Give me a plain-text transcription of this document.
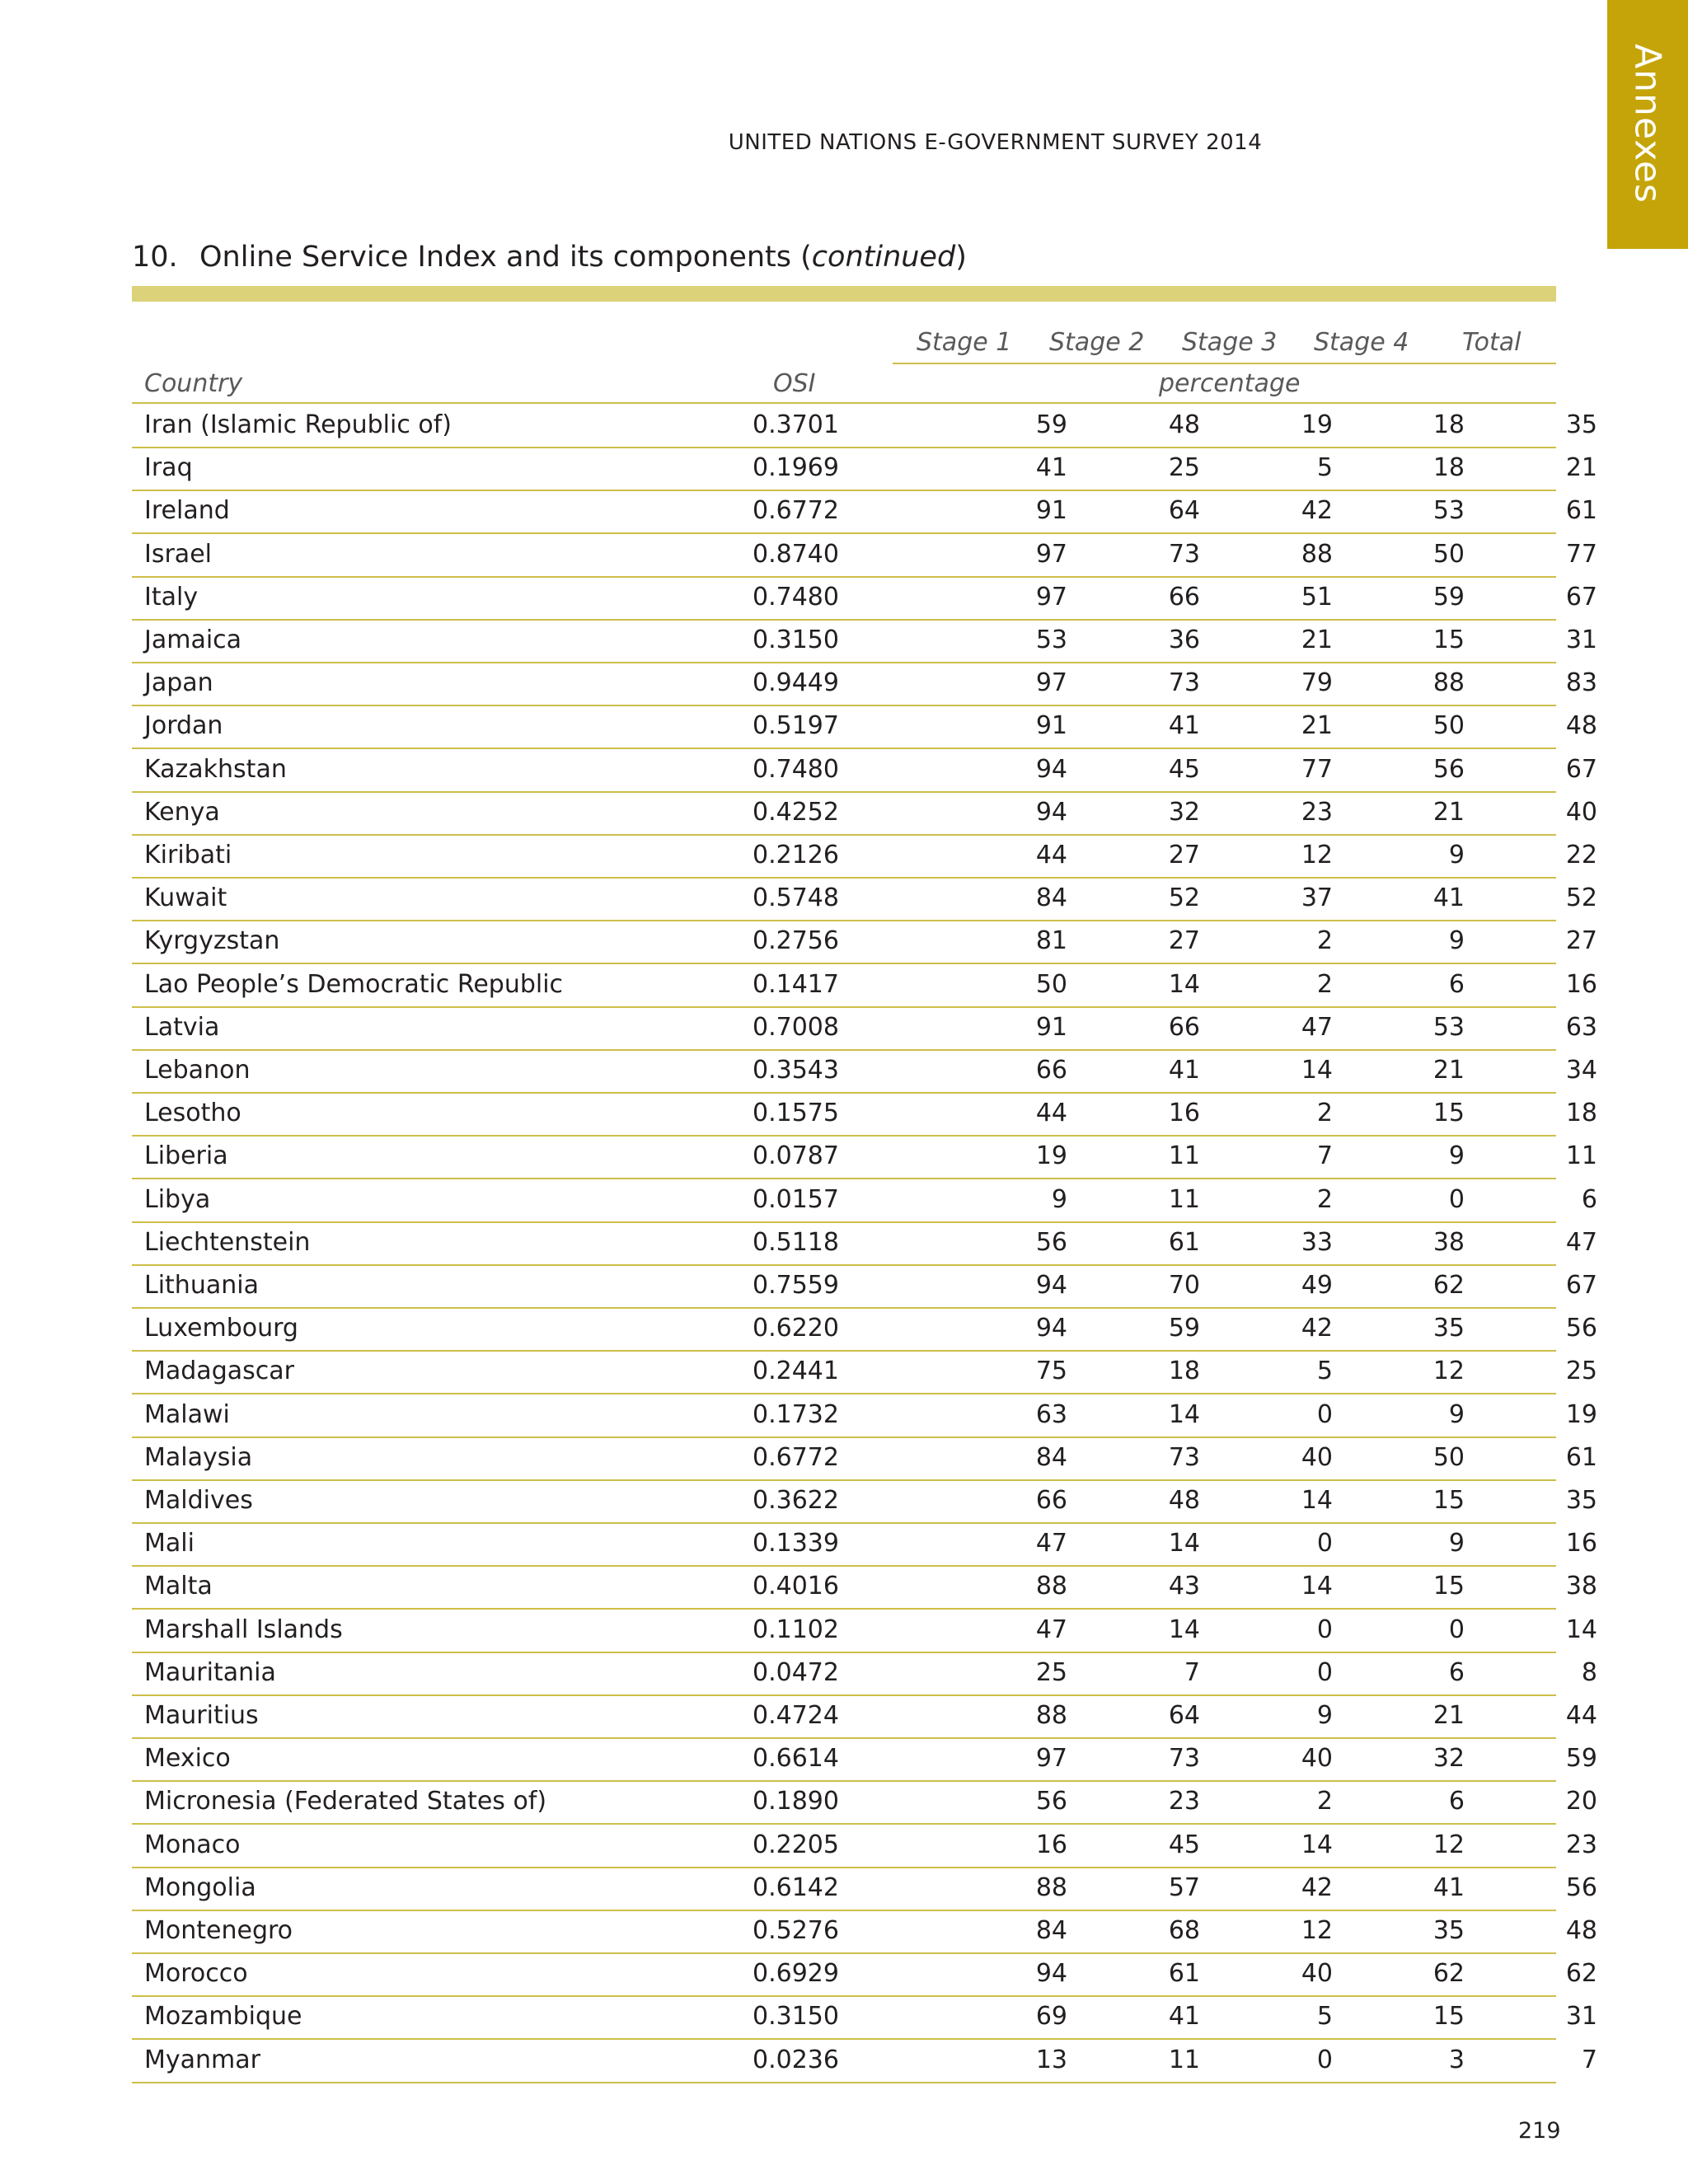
Annexes
UNITED NATIONS E-GOVERNMENT SURVEY 2014
10. Online Service Index and its components (continued)
Stage 1 Stage 2 Stage 3 Stage 4 Total
Country	OSI	percentage
Iran (Islamic Republic of)	0.3701	59	48	19	18	35
Iraq	0.1969	41	25	5	18	21
Ireland	0.6772	91	64	42	53	61
Israel	0.8740	97	73	88	50	77
Italy	0.7480	97	66	51	59	67
Jamaica	0.3150	53	36	21	15	31
Japan	0.9449	97	73	79	88	83
Jordan	0.5197	91	41	21	50	48
Kazakhstan	0.7480	94	45	77	56	67
Kenya	0.4252	94	32	23	21	40
Kiribati	0.2126	44	27	12	9	22
Kuwait	0.5748	84	52	37	41	52
Kyrgyzstan	0.2756	81	27	2	9	27
Lao People’s Democratic Republic	0.1417	50	14	2	6	16
Latvia	0.7008	91	66	47	53	63
Lebanon	0.3543	66	41	14	21	34
Lesotho	0.1575	44	16	2	15	18
Liberia	0.0787	19	11	7	9	11
Libya	0.0157	9	11	2	0	6
Liechtenstein	0.5118	56	61	33	38	47
Lithuania	0.7559	94	70	49	62	67
Luxembourg	0.6220	94	59	42	35	56
Madagascar	0.2441	75	18	5	12	25
Malawi	0.1732	63	14	0	9	19
Malaysia	0.6772	84	73	40	50	61
Maldives	0.3622	66	48	14	15	35
Mali	0.1339	47	14	0	9	16
Malta	0.4016	88	43	14	15	38
Marshall Islands	0.1102	47	14	0	0	14
Mauritania	0.0472	25	7	0	6	8
Mauritius	0.4724	88	64	9	21	44
Mexico	0.6614	97	73	40	32	59
Micronesia (Federated States of)	0.1890	56	23	2	6	20
Monaco	0.2205	16	45	14	12	23
Mongolia	0.6142	88	57	42	41	56
Montenegro	0.5276	84	68	12	35	48
Morocco	0.6929	94	61	40	62	62
Mozambique	0.3150	69	41	5	15	31
Myanmar	0.0236	13	11	0	3	7
219
